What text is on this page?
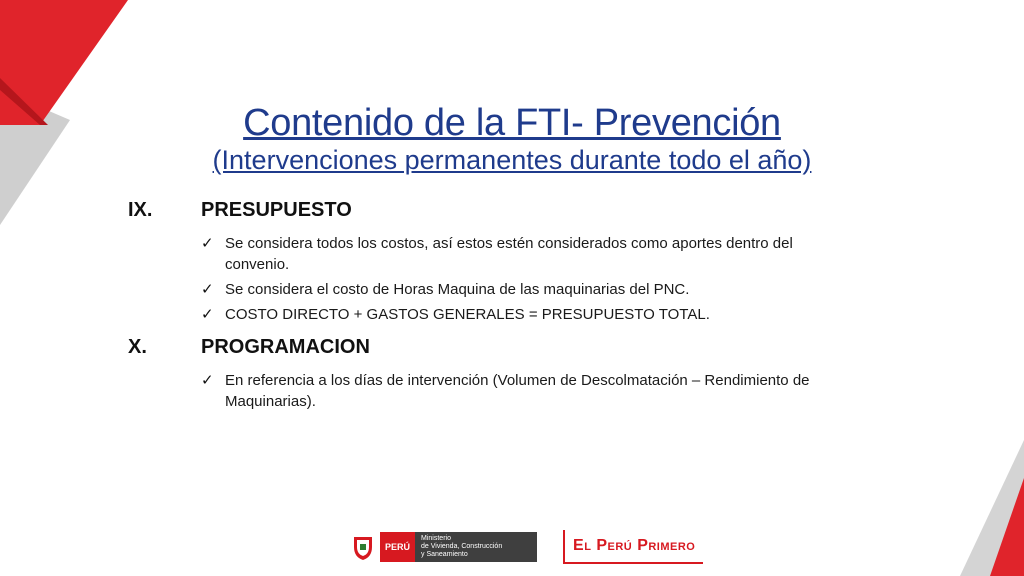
Contenido de la FTI- Prevención
(Intervenciones permanentes durante todo el año)
IX.	PRESUPUESTO
✓ Se considera todos los costos, así estos estén considerados como aportes dentro del convenio.
✓ Se considera el costo de Horas Maquina de las maquinarias del PNC.
✓ COSTO DIRECTO + GASTOS GENERALES = PRESUPUESTO TOTAL.
X.	PROGRAMACION
✓ En referencia a los días de intervención (Volumen de Descolmatación – Rendimiento de Maquinarias).
PERÚ
Ministerio
de Vivienda, Construcción
y Saneamiento
El Perú Primero
